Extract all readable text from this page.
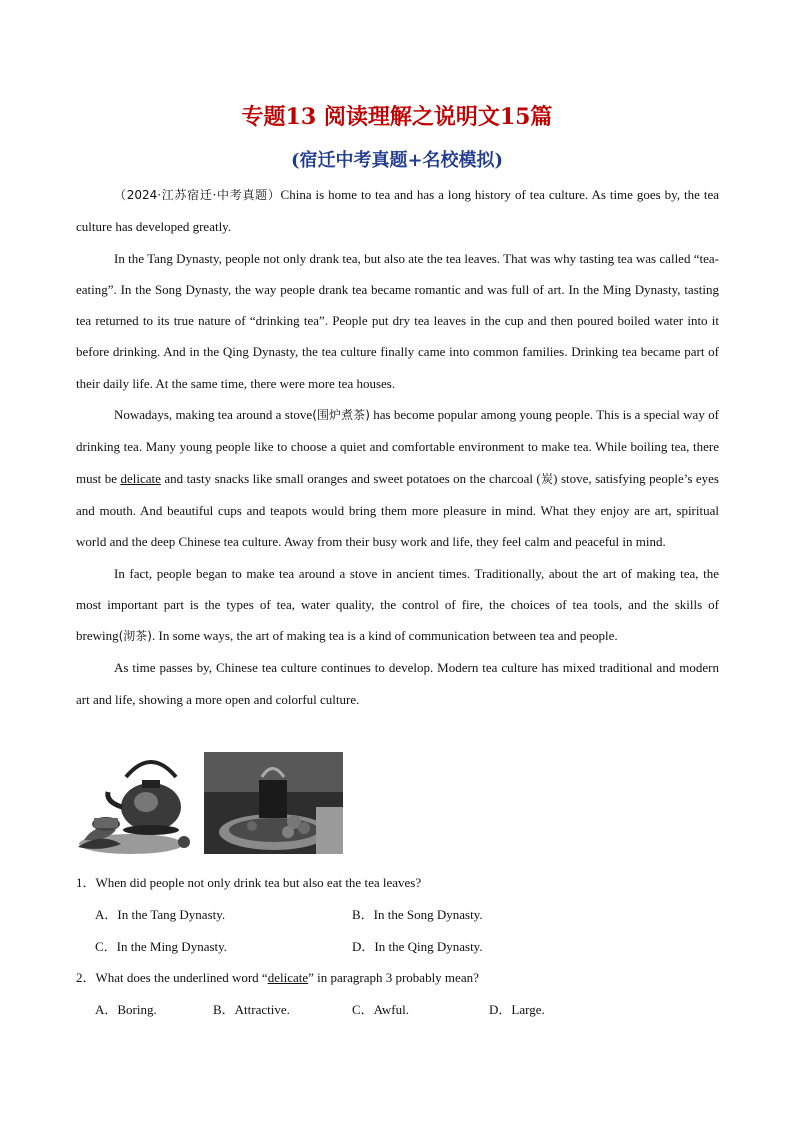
专题13 阅读理解之说明文15篇
(宿迁中考真题+名校模拟)

（2024·江苏宿迁·中考真题）China is home to tea and has a long history of tea culture. As time goes by, the tea culture has developed greatly.

In the Tang Dynasty, people not only drank tea, but also ate the tea leaves. That was why tasting tea was called “tea-eating”. In the Song Dynasty, the way people drank tea became romantic and was full of art. In the Ming Dynasty, tasting tea returned to its true nature of “drinking tea”. People put dry tea leaves in the cup and then poured boiled water into it before drinking. And in the Qing Dynasty, the tea culture finally came into common families. Drinking tea became part of their daily life. At the same time, there were more tea houses.

Nowadays, making tea around a stove(围炉煮茶) has become popular among young people. This is a special way of drinking tea. Many young people like to choose a quiet and comfortable environment to make tea. While boiling tea, there must be delicate and tasty snacks like small oranges and sweet potatoes on the charcoal (炭) stove, satisfying people’s eyes and mouth. And beautiful cups and teapots would bring them more pleasure in mind. What they enjoy are art, spiritual world and the deep Chinese tea culture. Away from their busy work and life, they feel calm and peaceful in mind.

In fact, people began to make tea around a stove in ancient times. Traditionally, about the art of making tea, the most important part is the types of tea, water quality, the control of fire, the choices of tea tools, and the skills of brewing(沏茶). In some ways, the art of making tea is a kind of communication between tea and people.

As time passes by, Chinese tea culture continues to develop. Modern tea culture has mixed traditional and modern art and life, showing a more open and colorful culture.

1．When did people not only drink tea but also eat the tea leaves?
A．In the Tang Dynasty.	B．In the Song Dynasty.
C．In the Ming Dynasty.	D．In the Qing Dynasty.
2．What does the underlined word “delicate” in paragraph 3 probably mean?
A．Boring.	B．Attractive.	C．Awful.	D．Large.
